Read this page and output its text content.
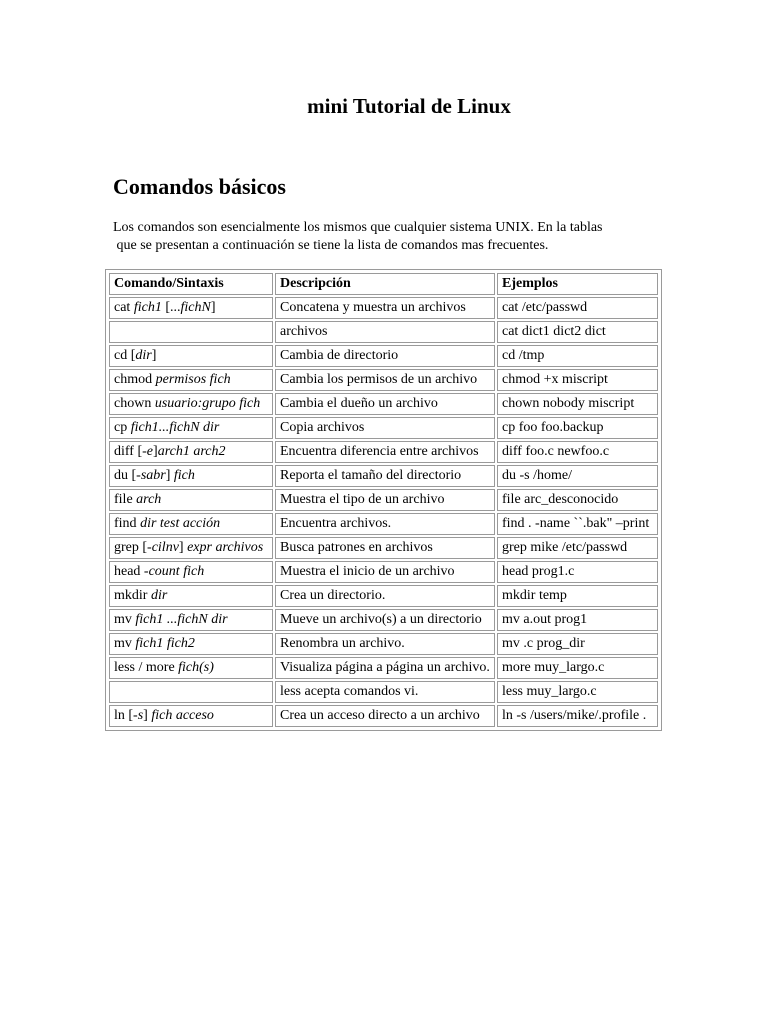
mini Tutorial de Linux
Comandos básicos
Los comandos son esencialmente los mismos que cualquier sistema UNIX. En la tablas
que se presentan a continuación se tiene la lista de comandos mas frecuentes.
Comando/Sintaxis	Descripción	Ejemplos
cat fich1 [...fichN]	Concatena y muestra un archivos	cat /etc/passwd
	archivos	cat dict1 dict2 dict
cd [dir]	Cambia de directorio	cd /tmp
chmod permisos fich	Cambia los permisos de un archivo	chmod +x miscript
chown usuario:grupo fich	Cambia el dueño un archivo	chown nobody miscript
cp fich1...fichN dir	Copia archivos	cp foo foo.backup
diff [-e]arch1 arch2	Encuentra diferencia entre archivos	diff foo.c newfoo.c
du [-sabr] fich	Reporta el tamaño del directorio	du -s /home/
file arch	Muestra el tipo de un archivo	file arc_desconocido
find dir test acción	Encuentra archivos.	find . -name ``.bak" –print
grep [-cilnv] expr archivos	Busca patrones en archivos	grep mike /etc/passwd
head -count fich	Muestra el inicio de un archivo	head prog1.c
mkdir dir	Crea un directorio.	mkdir temp
mv fich1 ...fichN dir	Mueve un archivo(s) a un directorio	mv a.out prog1
mv fich1 fich2	Renombra un archivo.	mv .c prog_dir
less / more fich(s)	Visualiza página a página un archivo.	more muy_largo.c
	less acepta comandos vi.	less muy_largo.c
ln [-s] fich acceso	Crea un acceso directo a un archivo	ln -s /users/mike/.profile .
